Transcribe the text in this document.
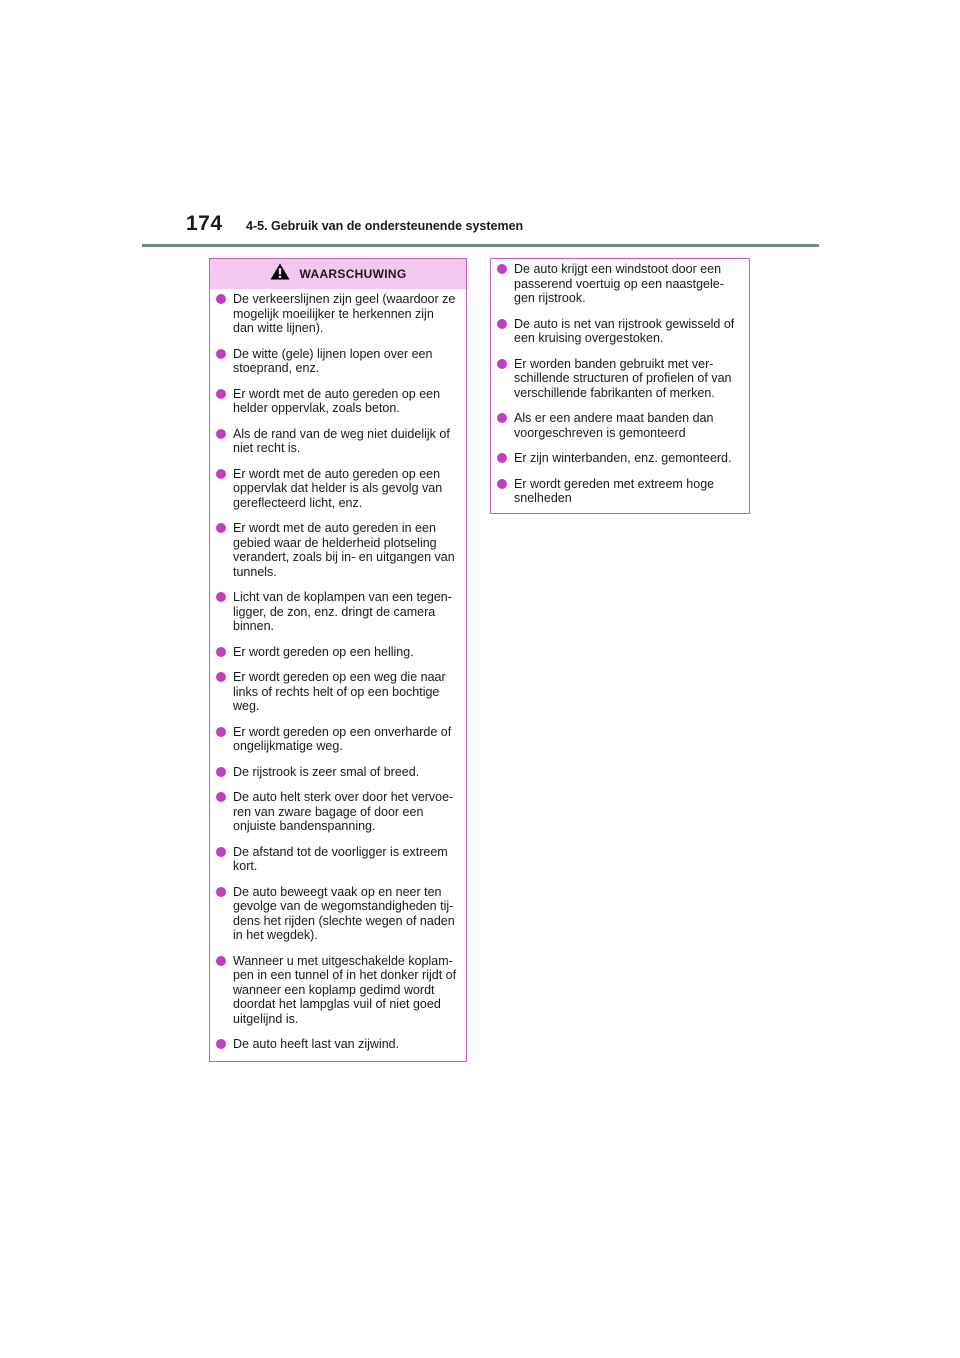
174 4-5. Gebruik van de ondersteunende systemen
WAARSCHUWING
De verkeerslijnen zijn geel (waardoor ze mogelijk moeilijker te herkennen zijn dan witte lijnen).
De witte (gele) lijnen lopen over een stoeprand, enz.
Er wordt met de auto gereden op een helder oppervlak, zoals beton.
Als de rand van de weg niet duidelijk of niet recht is.
Er wordt met de auto gereden op een oppervlak dat helder is als gevolg van gereflecteerd licht, enz.
Er wordt met de auto gereden in een gebied waar de helderheid plotseling verandert, zoals bij in- en uitgangen van tunnels.
Licht van de koplampen van een tegen-ligger, de zon, enz. dringt de camera binnen.
Er wordt gereden op een helling.
Er wordt gereden op een weg die naar links of rechts helt of op een bochtige weg.
Er wordt gereden op een onverharde of ongelijkmatige weg.
De rijstrook is zeer smal of breed.
De auto helt sterk over door het vervoe-ren van zware bagage of door een onjuiste bandenspanning.
De afstand tot de voorligger is extreem kort.
De auto beweegt vaak op en neer ten gevolge van de wegomstandigheden tij-dens het rijden (slechte wegen of naden in het wegdek).
Wanneer u met uitgeschakelde koplam-pen in een tunnel of in het donker rijdt of wanneer een koplamp gedimd wordt doordat het lampglas vuil of niet goed uitgelijnd is.
De auto heeft last van zijwind.
De auto krijgt een windstoot door een passerend voertuig op een naastgele-gen rijstrook.
De auto is net van rijstrook gewisseld of een kruising overgestoken.
Er worden banden gebruikt met ver-schillende structuren of profielen of van verschillende fabrikanten of merken.
Als er een andere maat banden dan voorgeschreven is gemonteerd
Er zijn winterbanden, enz. gemonteerd.
Er wordt gereden met extreem hoge snelheden
